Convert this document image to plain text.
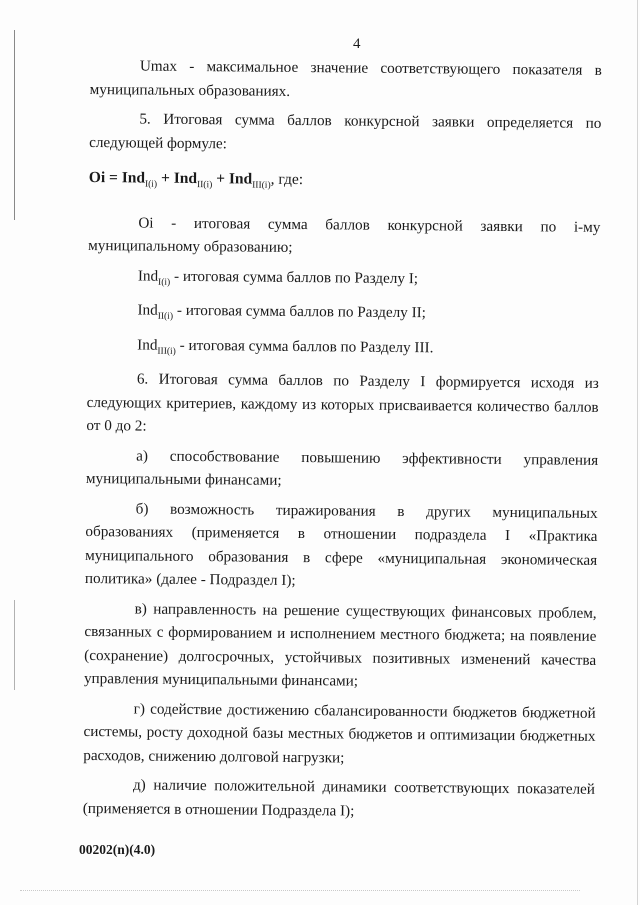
4

Umax - максимальное значение соответствующего показателя в муниципальных образованиях.

5. Итоговая сумма баллов конкурсной заявки определяется по следующей формуле:

Oi = Ind$_{I(i)}$ + Ind$_{II(i)}$ + Ind$_{III(i)}$, где:

Oi - итоговая сумма баллов конкурсной заявки по i-му муниципальному образованию;

Ind$_{I(i)}$ - итоговая сумма баллов по Разделу I;

Ind$_{II(i)}$ - итоговая сумма баллов по Разделу II;

Ind$_{III(i)}$ - итоговая сумма баллов по Разделу III.

6. Итоговая сумма баллов по Разделу I формируется исходя из следующих критериев, каждому из которых присваивается количество баллов от 0 до 2:

а) способствование повышению эффективности управления муниципальными финансами;

б) возможность тиражирования в других муниципальных образованиях (применяется в отношении подраздела I «Практика муниципального образования в сфере «муниципальная экономическая политика» (далее - Подраздел I);

в) направленность на решение существующих финансовых проблем, связанных с формированием и исполнением местного бюджета; на появление (сохранение) долгосрочных, устойчивых позитивных изменений качества управления муниципальными финансами;

г) содействие достижению сбалансированности бюджетов бюджетной системы, росту доходной базы местных бюджетов и оптимизации бюджетных расходов, снижению долговой нагрузки;

д) наличие положительной динамики соответствующих показателей (применяется в отношении Подраздела I);

00202(n)(4.0)
